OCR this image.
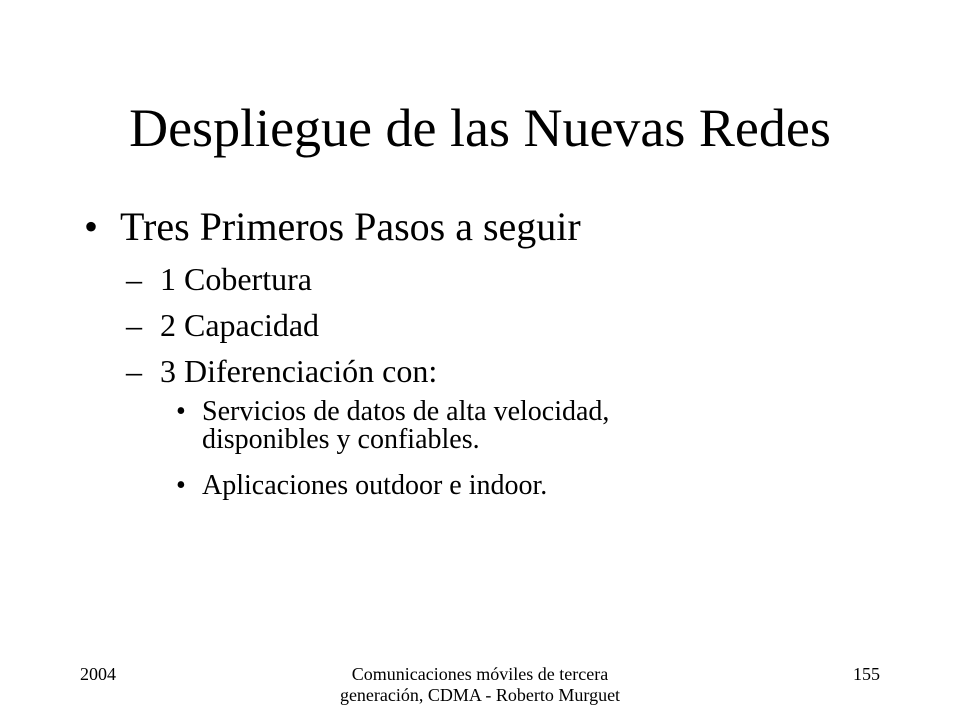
Despliegue de las Nuevas Redes
• Tres Primeros Pasos a seguir
– 1 Cobertura
– 2 Capacidad
– 3 Diferenciación con:
• Servicios de datos de alta velocidad,
disponibles y confiables.
• Aplicaciones outdoor e indoor.
2004	Comunicaciones móviles de tercera generación, CDMA - Roberto Murguet
155
